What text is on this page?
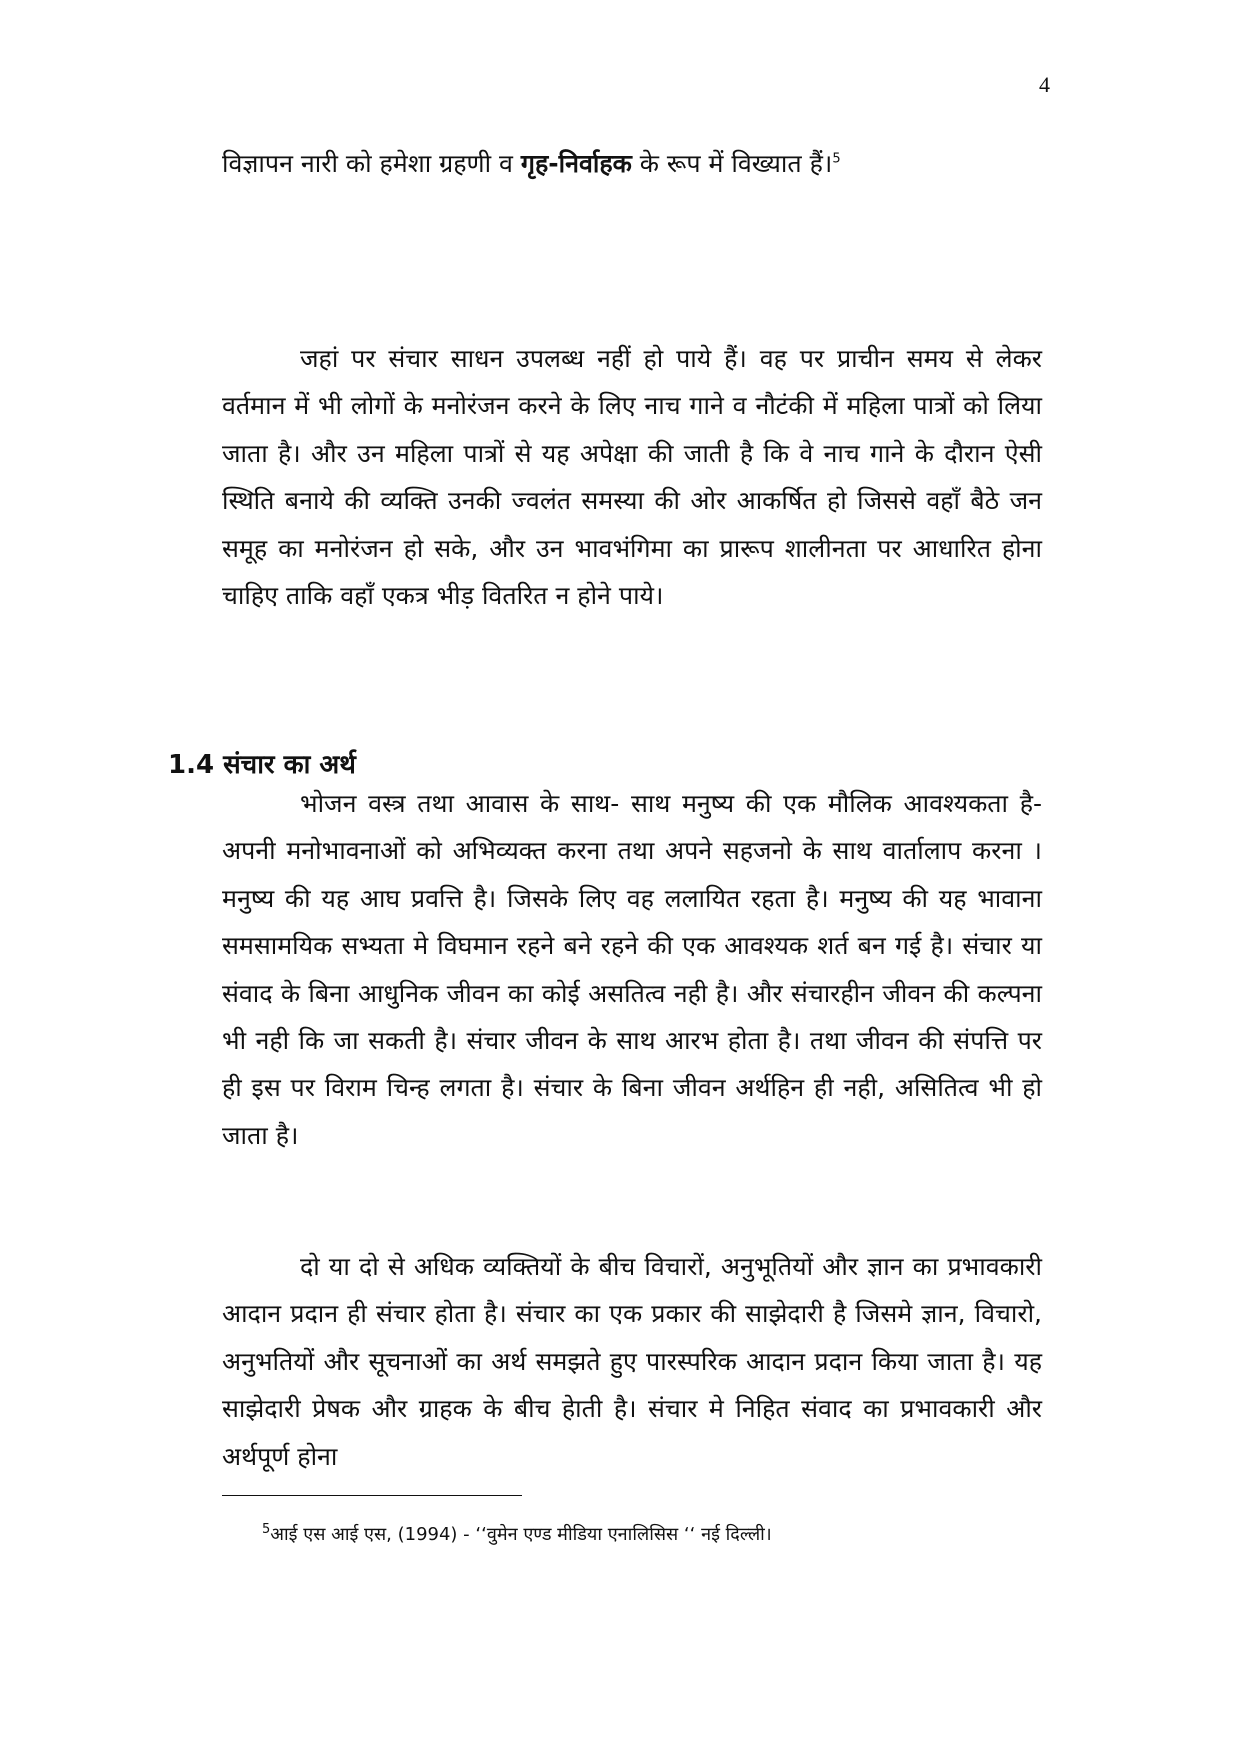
4
विज्ञापन नारी को हमेशा ग्रहणी व गृह-निर्वाहक के रूप में विख्यात हैं।$^5$
जहां पर संचार साधन उपलब्ध नहीं हो पाये हैं। वह पर प्राचीन समय से लेकर वर्तमान में भी लोगों के मनोरंजन करने के लिए नाच गाने व नौटंकी में महिला पात्रों को लिया जाता है। और उन महिला पात्रों से यह अपेक्षा की जाती है कि वे नाच गाने के दौरान ऐसी स्थिति बनाये की व्यक्ति उनकी ज्वलंत समस्या की ओर आकर्षित हो जिससे वहाँ बैठे जन समूह का मनोरंजन हो सके, और उन भावभंगिमा का प्रारूप शालीनता पर आधारित होना चाहिए ताकि वहाँ एकत्र भीड़ वितरित न होने पाये।
1.4 संचार का अर्थ
भोजन वस्त्र तथा आवास के साथ- साथ मनुष्य की एक मौलिक आवश्यकता है- अपनी मनोभावनाओं को अभिव्यक्त करना तथा अपने सहजनो के साथ वार्तालाप करना । मनुष्य की यह आघ प्रवत्ति है। जिसके लिए वह ललायित रहता है। मनुष्य की यह भावाना समसामयिक सभ्यता मे विघमान रहने बने रहने की एक आवश्यक शर्त बन गई है। संचार या संवाद के बिना आधुनिक जीवन का कोई असतित्व नही है। और संचारहीन जीवन की कल्पना भी नही कि जा सकती है। संचार जीवन के साथ आरभ होता है। तथा जीवन की संपत्ति पर ही इस पर विराम चिन्ह लगता है। संचार के बिना जीवन अर्थहिन ही नही, असितित्व भी हो जाता है।
दो या दो से अधिक व्यक्तियों के बीच विचारों, अनुभूतियों और ज्ञान का प्रभावकारी आदान प्रदान ही संचार होता है। संचार का एक प्रकार की साझेदारी है जिसमे ज्ञान, विचारो, अनुभतियों और सूचनाओं का अर्थ समझते हुए पारस्परिक आदान प्रदान किया जाता है। यह साझेदारी प्रेषक और ग्राहक के बीच हेाती है। संचार मे निहित संवाद का प्रभावकारी और अर्थपूर्ण होना
$^5$आई एस आई एस, (1994) - ‘‘वुमेन एण्ड मीडिया एनालिसिस ‘‘ नई दिल्ली।
